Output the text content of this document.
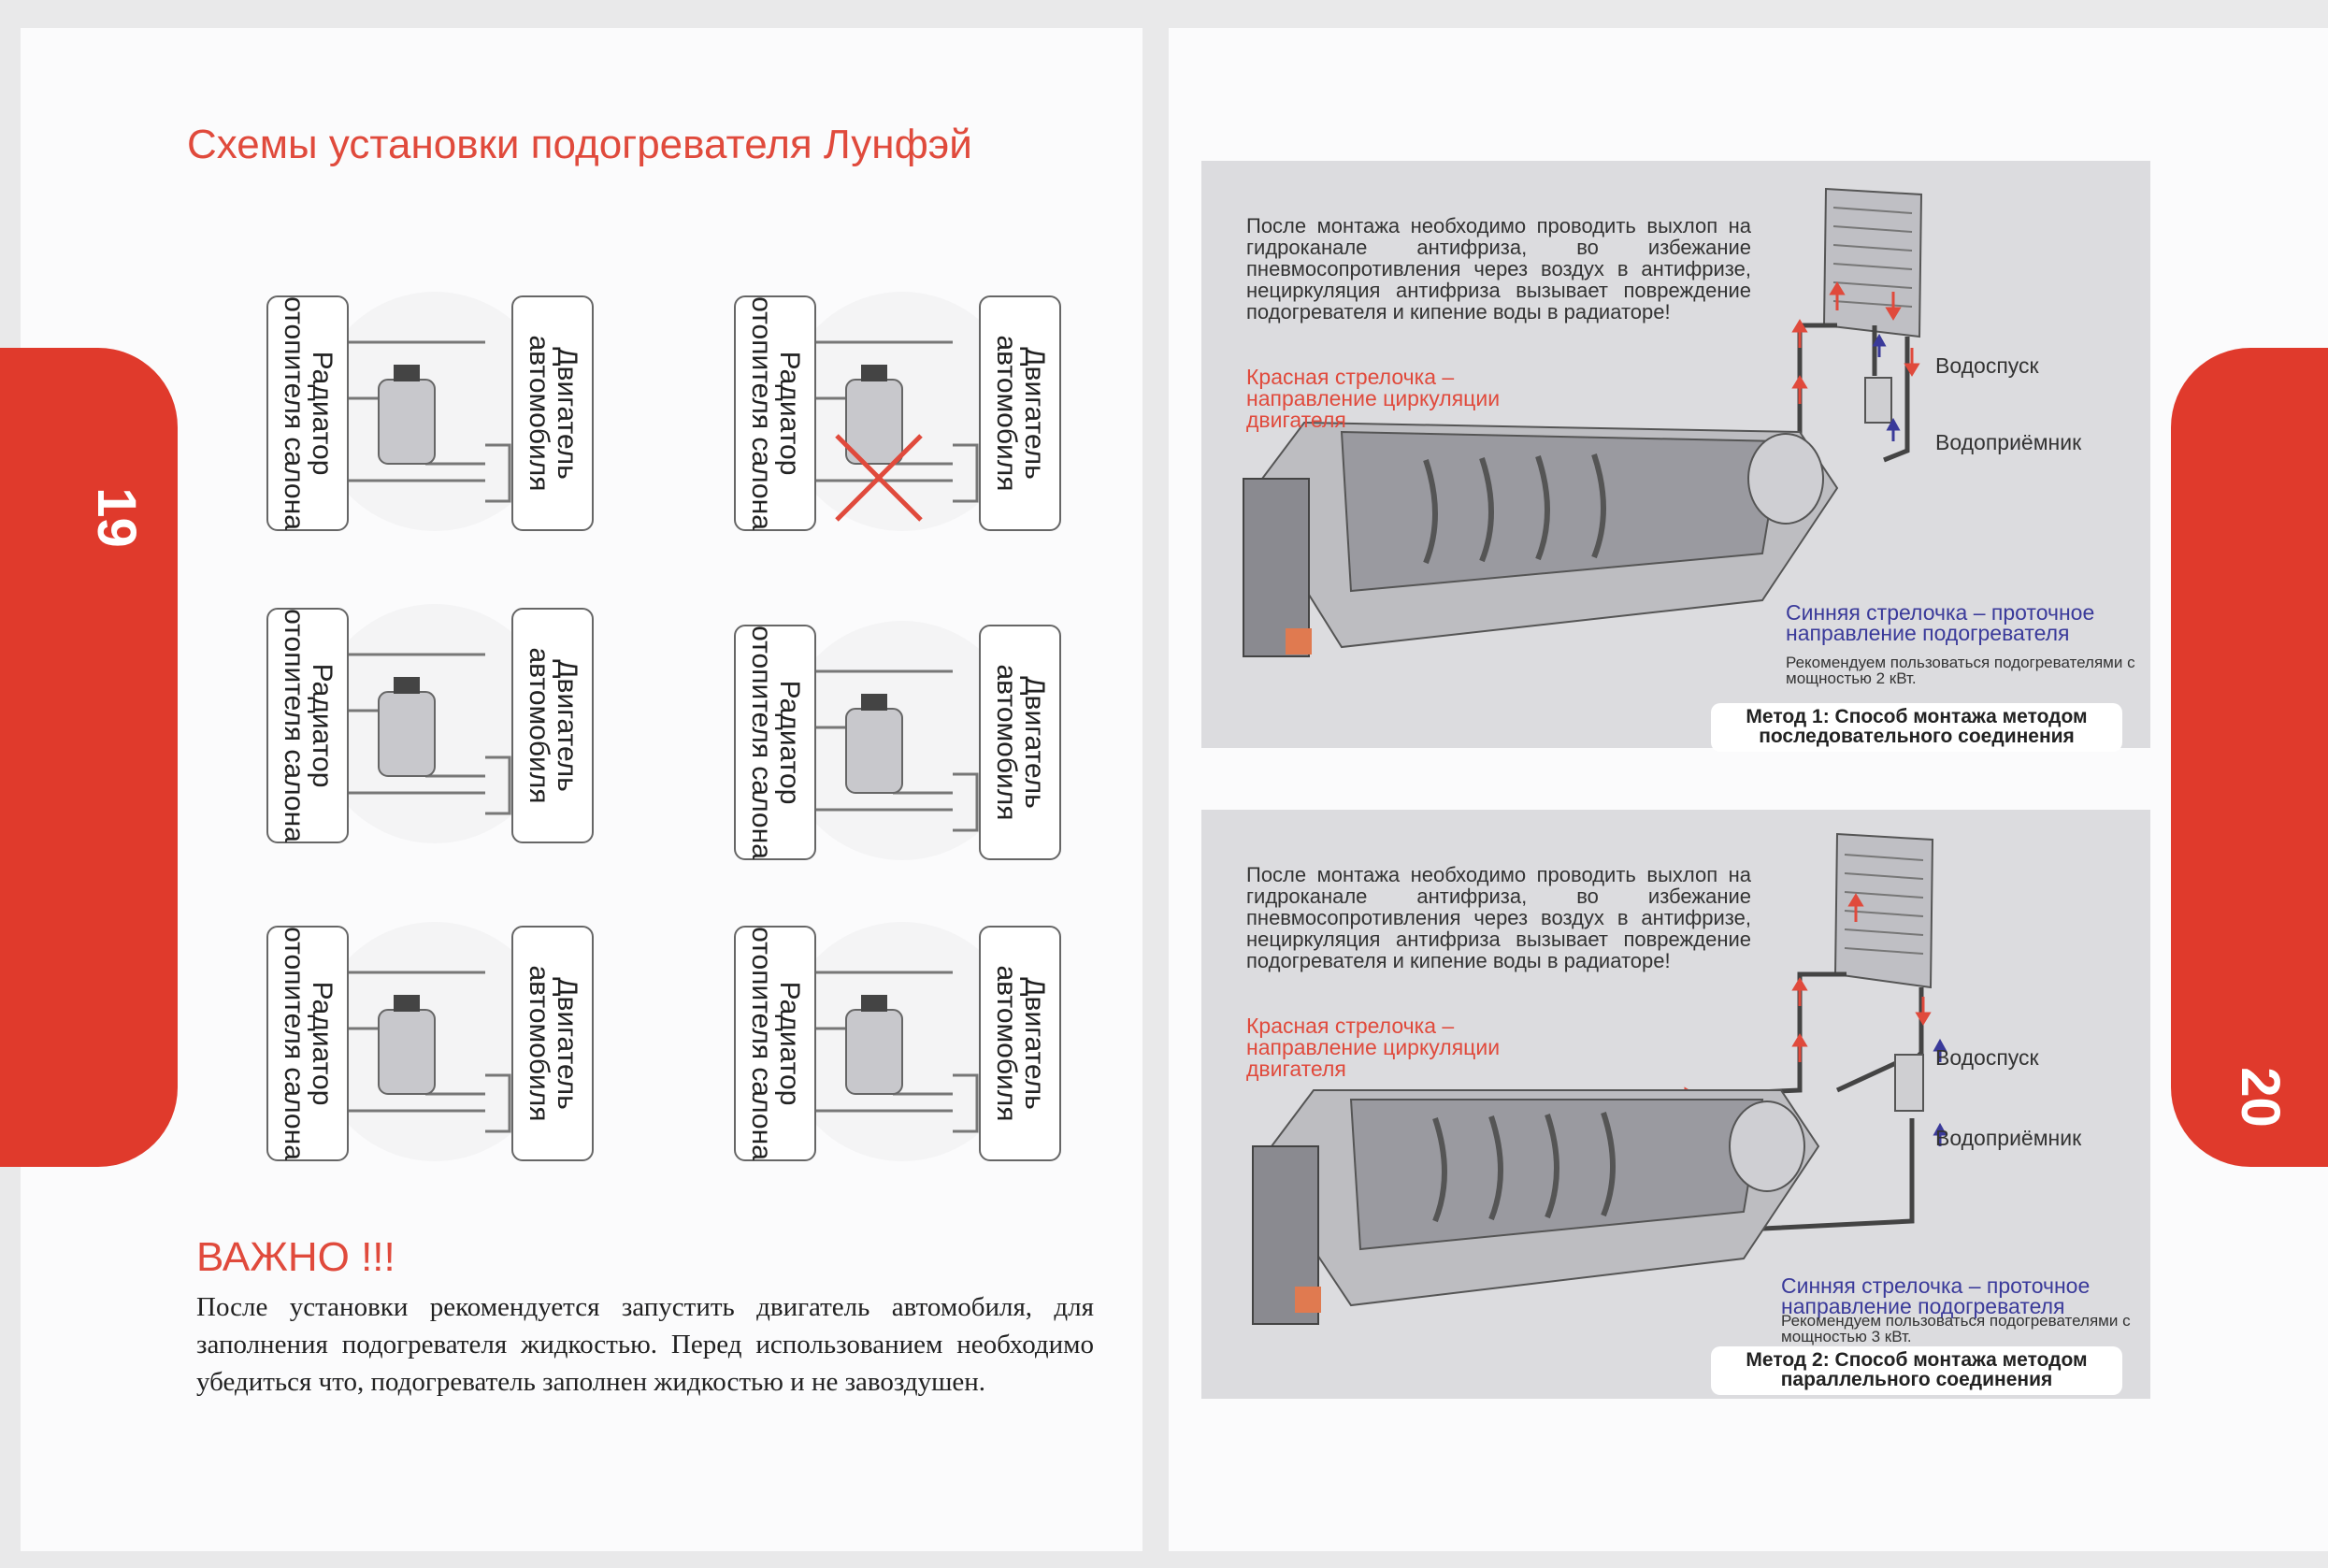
19
Схемы установки подогревателя Лунфэй
Радиатор
отопителя салона
Двигатель
автомобиля	Радиатор
отопителя салона
Двигатель
автомобиля
Радиатор
отопителя салона
Двигатель
автомобиля	Радиатор
отопителя салона
Двигатель
автомобиля
Радиатор
отопителя салона
Двигатель
автомобиля	Радиатор
отопителя салона
Двигатель
автомобиля
ВАЖНО !!!
После установки рекомендуется запустить двигатель автомобиля, для заполнения подогревателя жидкостью. Перед использованием необходимо убедиться что, подогреватель заполнен жидкостью и не завоздушен.
20
После монтажа необходимо проводить выхлоп на гидроканале антифриза, во избежание пневмосопротивления через воздух в антифризе, нециркуляция антифриза вызывает повреждение подогревателя и кипение воды в радиаторе!
Красная стрелочка – направление циркуляции двигателя
Водоспуск
Водоприёмник
Синняя стрелочка – проточное направление подогревателя
Рекомендуем пользоваться подогревателями с мощностью 2 кВт.
Метод 1: Способ монтажа методом последовательного соединения
После монтажа необходимо проводить выхлоп на гидроканале антифриза, во избежание пневмосопротивления через воздух в антифризе, нециркуляция антифриза вызывает повреждение подогревателя и кипение воды в радиаторе!
Красная стрелочка – направление циркуляции двигателя	Водоспуск
Водоприёмник
Синняя стрелочка – проточное направление подогревателя
Рекомендуем пользоваться подогревателями с мощностью 3 кВт.
Метод 2: Способ монтажа методом параллельного соединения
